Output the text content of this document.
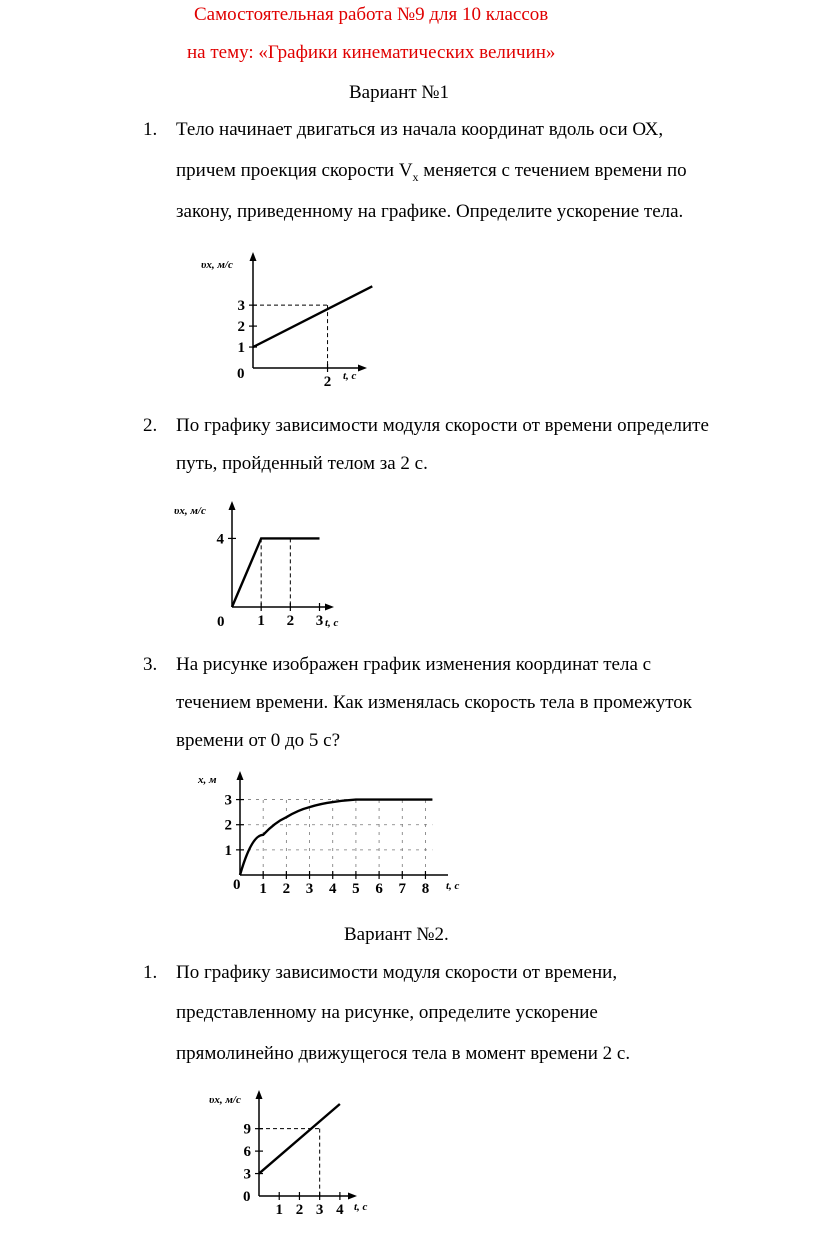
Самостоятельная работа №9 для 10 классов
на тему: «Графики кинематических величин»
Вариант №1
1. Тело начинает двигаться из начала координат вдоль оси ОХ,
причем проекция скорости $V_x$ меняется с течением времени по
закону, приведенному на графике. Определите ускорение тела.
υx, м/с
0	t, с
1
2
3
2
2. По графику зависимости модуля скорости от времени определите
путь, пройденный телом за 2 с.
υx, м/с
0	t, с
4
1 2 3
3. На рисунке изображен график изменения координат тела с
течением времени. Как изменялась скорость тела в промежуток
времени от 0 до 5 с?
x, м
0	t, с
1
2
3
1 2 3 4 5 6 7 8
Вариант №2.
1. По графику зависимости модуля скорости от времени,
представленному на рисунке, определите ускорение
прямолинейно движущегося тела в момент времени 2 с.
υx, м/с
0
t, с
3
6
9
1 2 3 4
